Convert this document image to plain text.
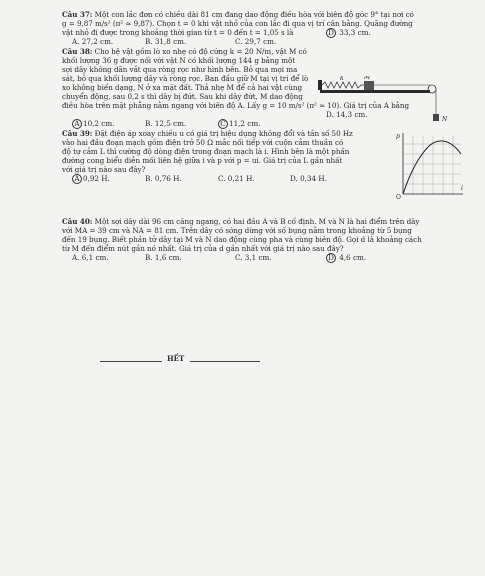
Câu 37: Một con lắc đơn có chiều dài 81 cm đang dao động điều hòa với biên độ góc 9° tại nơi có
g = 9,87 m/s² (π² ≈ 9,87). Chọn t = 0 khi vật nhỏ của con lắc đi qua vị trí cân bằng. Quãng đường
vật nhỏ đi được trong khoảng thời gian từ t = 0 đến t = 1,05 s là
A. 27,2 cm.	B. 31,8 cm.	C. 29,7 cm.
D 33,3 cm.
Câu 38: Cho hệ vật gồm lò xo nhẹ có độ cứng k = 20 N/m, vật M có
khối lượng 36 g được nối với vật N có khối lượng 144 g bằng một
sợi dây không dãn vắt qua ròng rọc như hình bên. Bỏ qua mọi ma
sát, bỏ qua khối lượng dây và ròng rọc. Ban đầu giữ M tại vị trí để lò
xo không biến dạng, N ở xa mặt đất. Thả nhẹ M để cả hai vật cùng
chuyển động, sau 0,2 s thì dây bị đứt. Sau khi dây đứt, M dao động
điều hòa trên mặt phẳng nằm ngang với biên độ A. Lấy g = 10 m/s² (π² ≈ 10). Giá trị của A bằng
A 10,2 cm.	B. 12,5 cm.	C 11,2 cm.
D. 14,3 cm.
M
k
N
Câu 39: Đặt điện áp xoay chiều u có giá trị hiệu dụng không đổi và tần số 50 Hz
vào hai đầu đoạn mạch gồm điện trở 50 Ω mắc nối tiếp với cuộn cảm thuần có
độ tự cảm L thì cường độ dòng điện trong đoạn mạch là i. Hình bên là một phần
đường cong biểu diễn mối liên hệ giữa i và p với p = ui. Giá trị của L gần nhất
với giá trị nào sau đây?
A 0,92 H.	B. 0,76 H.	C. 0,21 H.	D. 0,34 H.
p
O
i
Câu 40: Một sợi dây dài 96 cm căng ngang, có hai đầu A và B cố định. M và N là hai điểm trên dây
với MA = 39 cm và NA = 81 cm. Trên dây có sóng dừng với số bụng nằm trong khoảng từ 5 bụng
đến 19 bụng. Biết phần tử dây tại M và N dao động cùng pha và cùng biên độ. Gọi d là khoảng cách
từ M đến điểm nút gần nó nhất. Giá trị của d gần nhất với giá trị nào sau đây?
A. 6,1 cm.	B. 1,6 cm.	C. 3,1 cm.	D 4,6 cm.
HẾT
